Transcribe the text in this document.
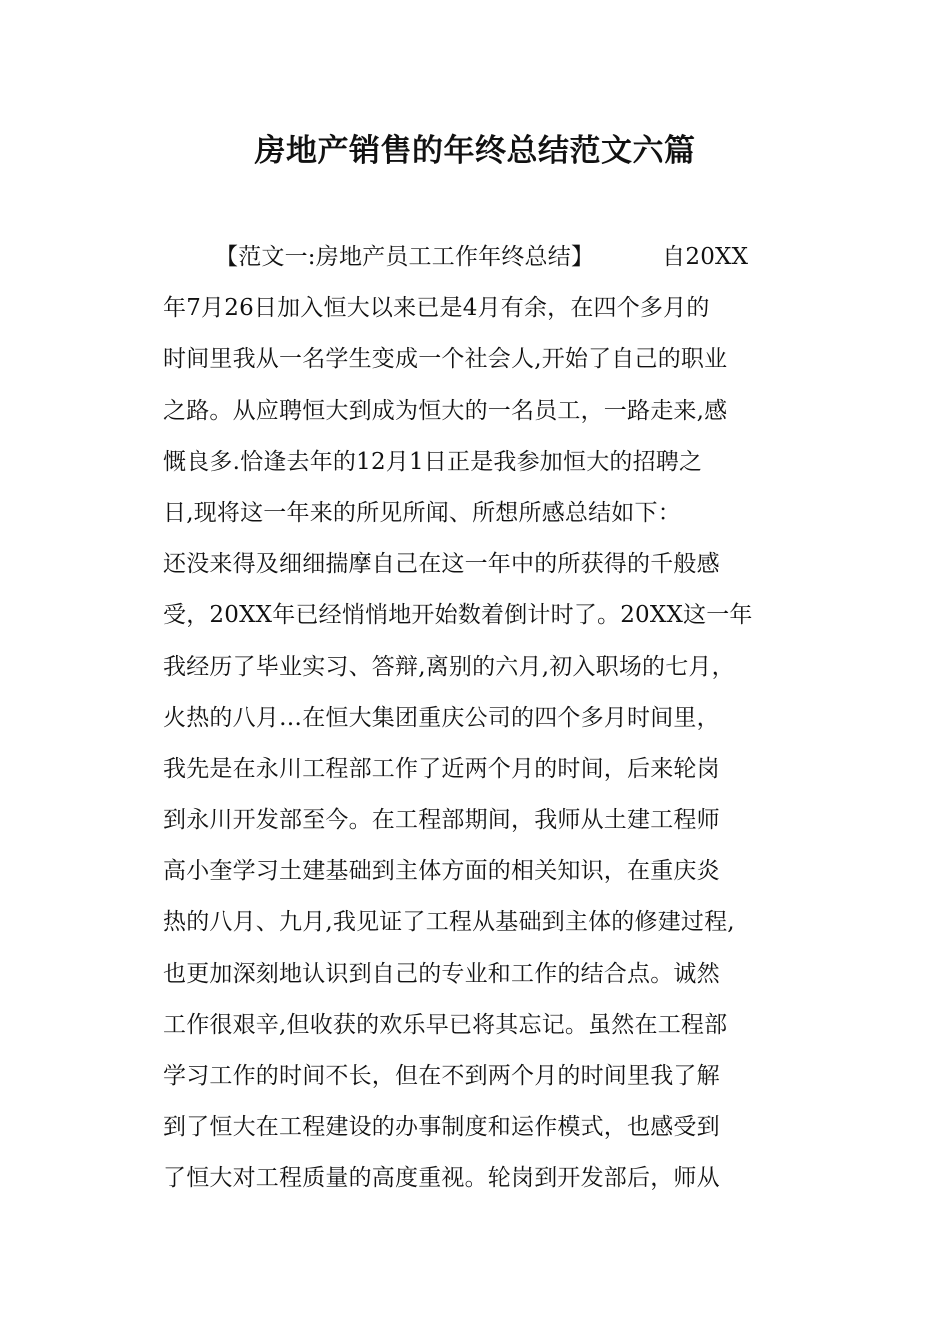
房地产销售的年终总结范文六篇
【范文一:房地产员工工作年终总结】	自20XX
年7月26日加入恒大以来已是4月有余，在四个多月的
时间里我从一名学生变成一个社会人,开始了自己的职业
之路。从应聘恒大到成为恒大的一名员工，一路走来,感
慨良多.恰逢去年的12月1日正是我参加恒大的招聘之
日,现将这一年来的所见所闻、所想所感总结如下：
还没来得及细细揣摩自己在这一年中的所获得的千般感
受，20XX年已经悄悄地开始数着倒计时了。20XX这一年
我经历了毕业实习、答辩,离别的六月,初入职场的七月，
火热的八月…在恒大集团重庆公司的四个多月时间里，
我先是在永川工程部工作了近两个月的时间，后来轮岗
到永川开发部至今。在工程部期间，我师从土建工程师
高小奎学习土建基础到主体方面的相关知识，在重庆炎
热的八月、九月,我见证了工程从基础到主体的修建过程,
也更加深刻地认识到自己的专业和工作的结合点。诚然
工作很艰辛,但收获的欢乐早已将其忘记。虽然在工程部
学习工作的时间不长，但在不到两个月的时间里我了解
到了恒大在工程建设的办事制度和运作模式，也感受到
了恒大对工程质量的高度重视。轮岗到开发部后，师从
